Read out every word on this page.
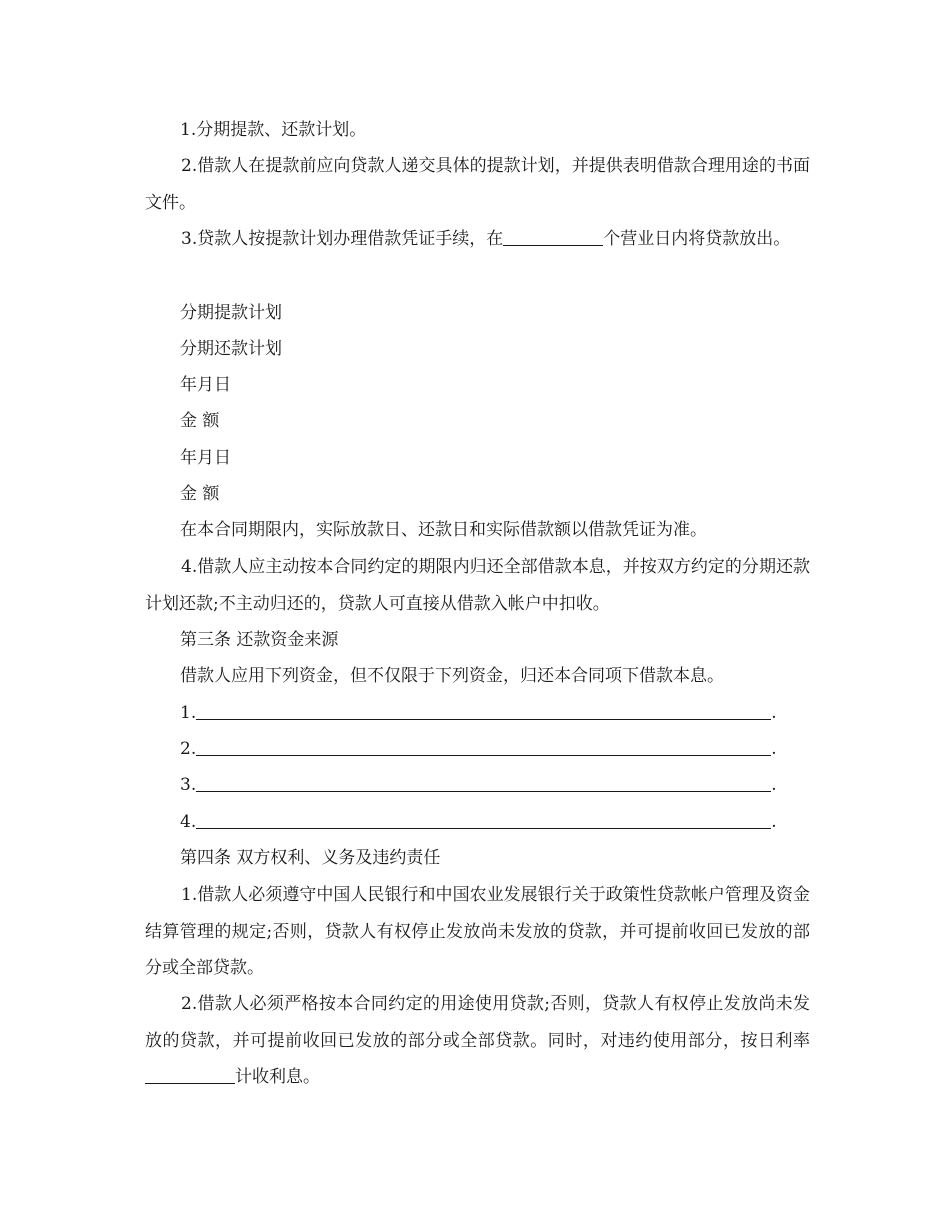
1.分期提款、还款计划。

2.借款人在提款前应向贷款人递交具体的提款计划，并提供表明借款合理用途的书面文件。

3.贷款人按提款计划办理借款凭证手续，在	个营业日内将贷款放出。

分期提款计划
分期还款计划
年月日
金 额
年月日
金 额
在本合同期限内，实际放款日、还款日和实际借款额以借款凭证为准。

4.借款人应主动按本合同约定的期限内归还全部借款本息，并按双方约定的分期还款计划还款;不主动归还的，贷款人可直接从借款入帐户中扣收。

第三条 还款资金来源
借款人应用下列资金，但不仅限于下列资金，归还本合同项下借款本息。
1.	.
2.	.
3.	.
4.	.
第四条 双方权利、义务及违约责任

1.借款人必须遵守中国人民银行和中国农业发展银行关于政策性贷款帐户管理及资金结算管理的规定;否则，贷款人有权停止发放尚未发放的贷款，并可提前收回已发放的部分或全部贷款。

2.借款人必须严格按本合同约定的用途使用贷款;否则，贷款人有权停止发放尚未发放的贷款，并可提前收回已发放的部分或全部贷款。同时，对违约使用部分，按日利率计收利息。
